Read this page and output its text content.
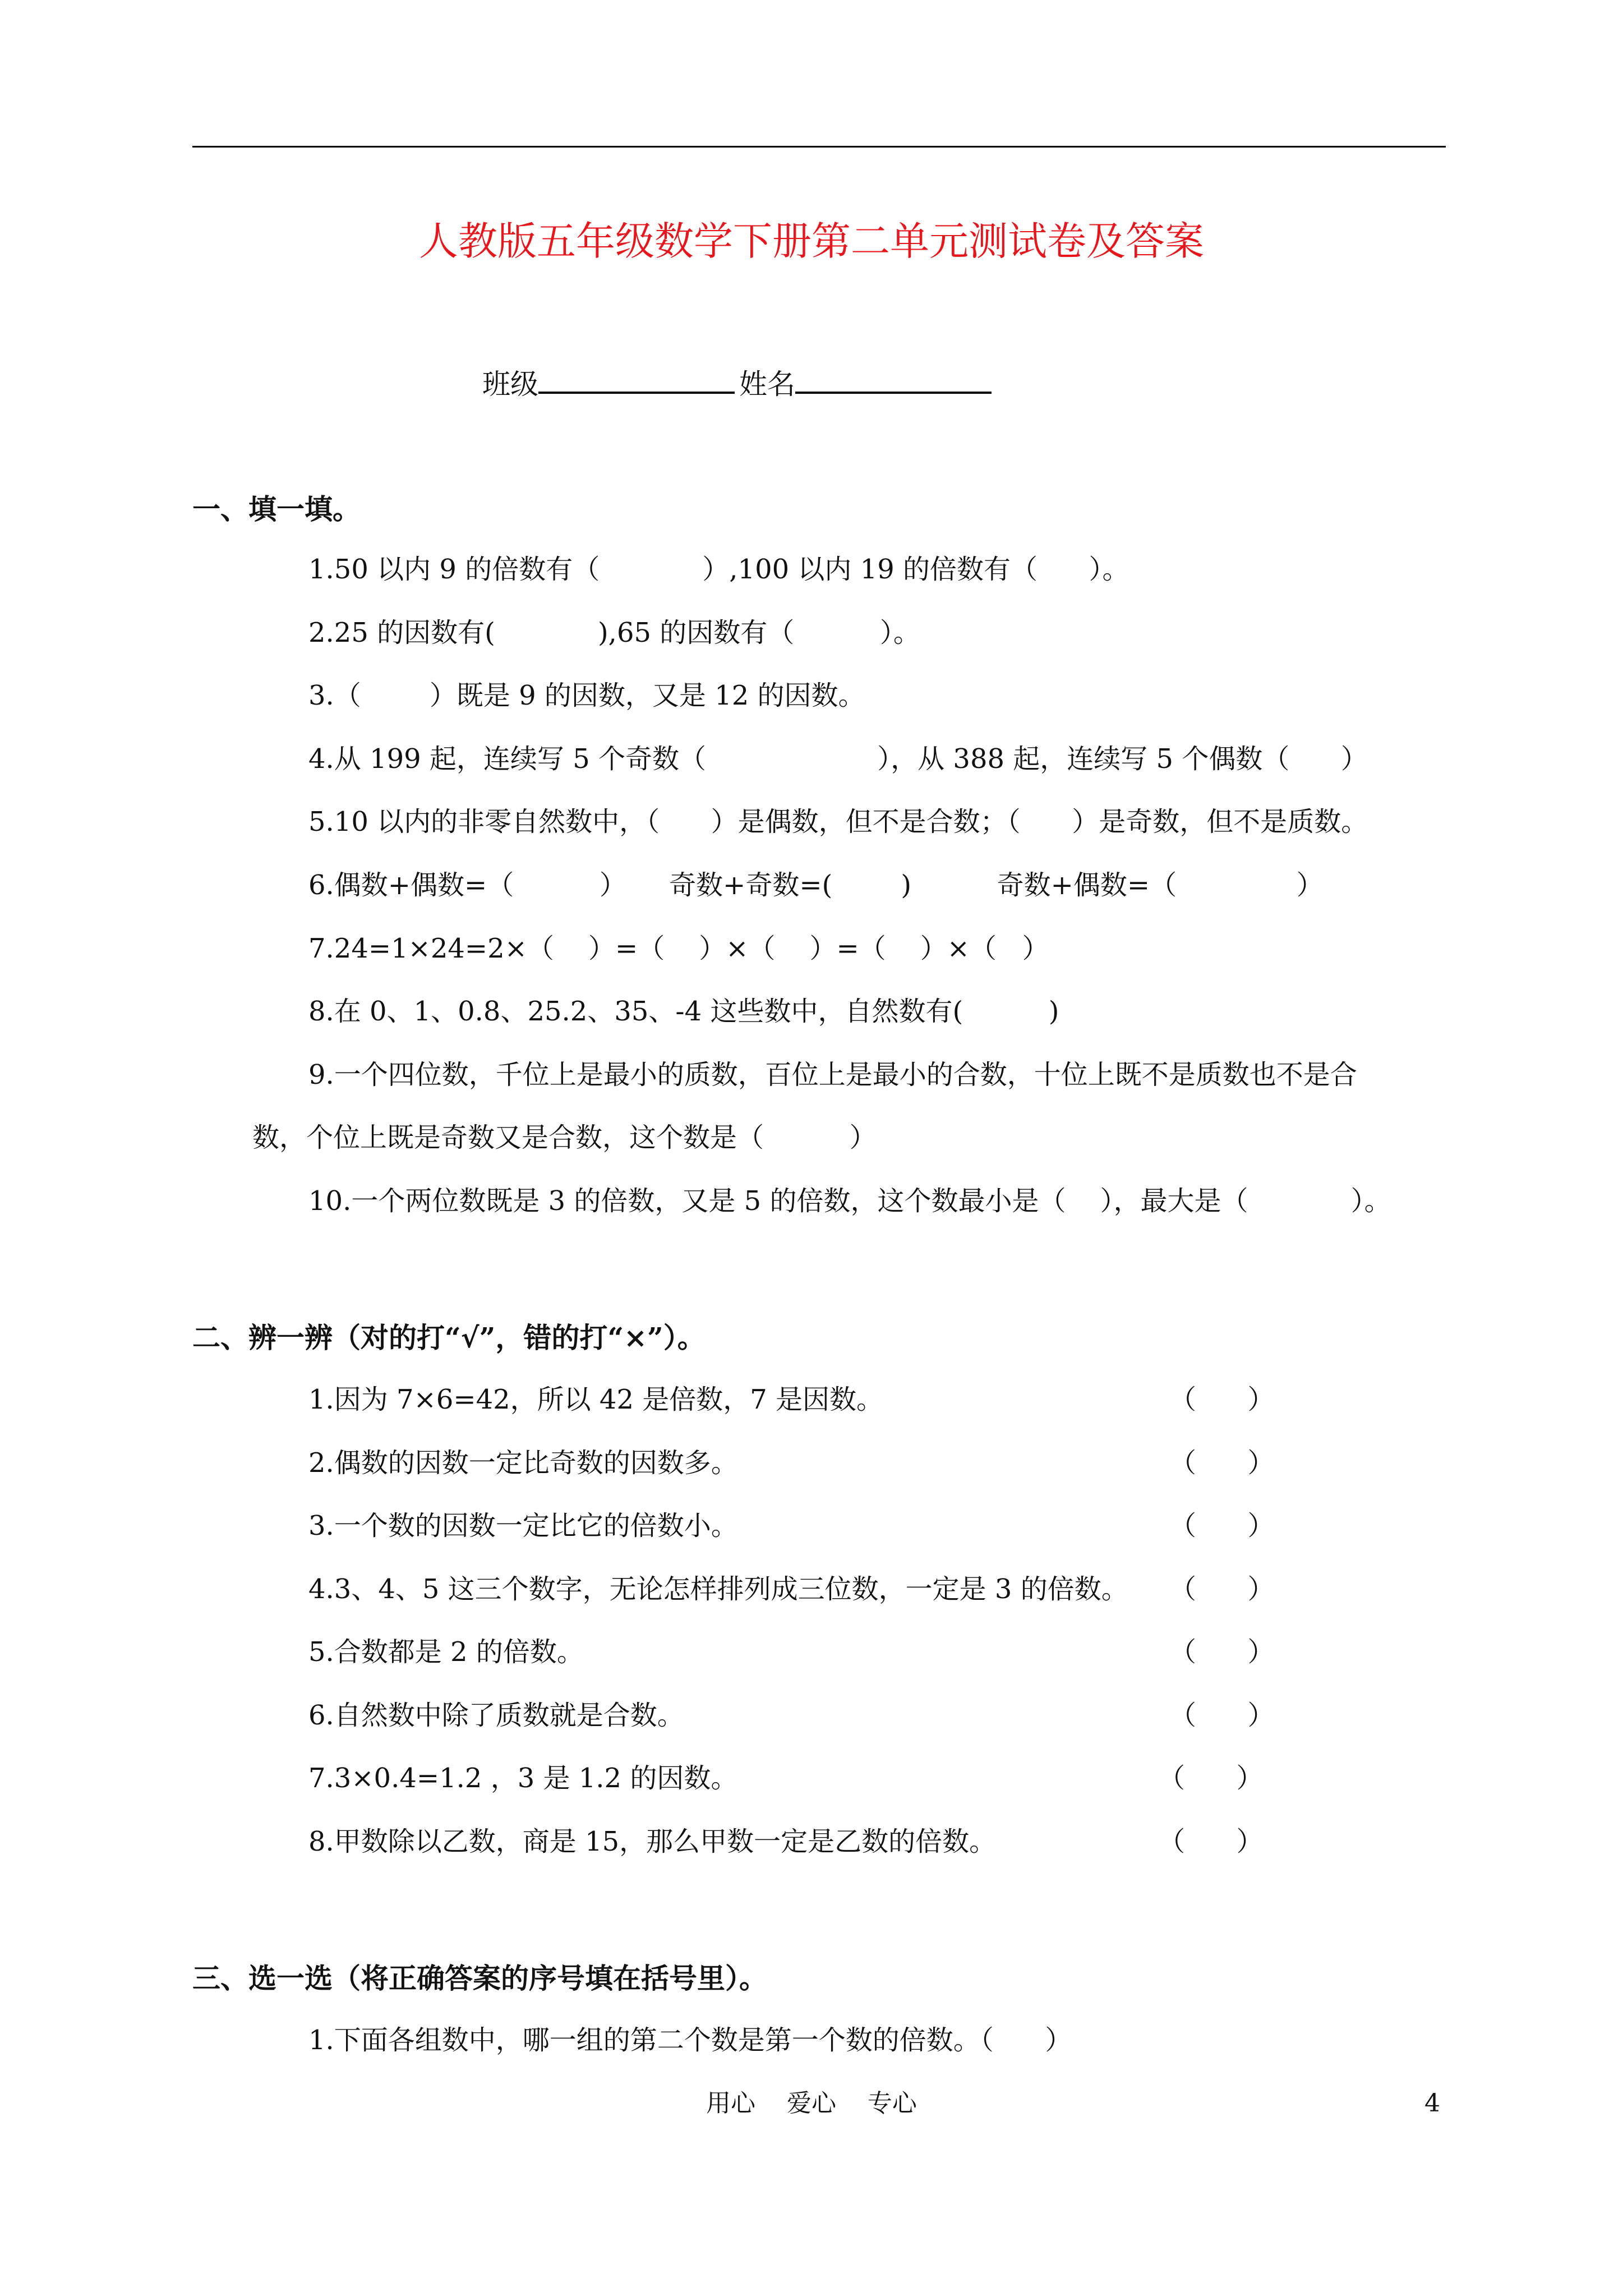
人教版五年级数学下册第二单元测试卷及答案
班级	姓名
一、填一填。
1.50 以内 9 的倍数有（            ）,100 以内 19 的倍数有（      ）。
2.25 的因数有(            ),65 的因数有（          ）。
3.（        ）既是 9 的因数，又是 12 的因数。
4.从 199 起，连续写 5 个奇数（                    ），从 388 起，连续写 5 个偶数（      ）
5.10 以内的非零自然数中，（      ）是偶数，但不是合数；（      ）是奇数，但不是质数。
6.偶数+偶数=（          ）     奇数+奇数=(        )          奇数+偶数=（              ）
7.24=1×24=2×（    ）=（    ）×（    ）=（    ）×（   ）
8.在 0、1、0.8、25.2、35、-4 这些数中，自然数有(          )
9.一个四位数，千位上是最小的质数，百位上是最小的合数，十位上既不是质数也不是合
数，个位上既是奇数又是合数，这个数是（          ）
10.一个两位数既是 3 的倍数，又是 5 的倍数，这个数最小是（    ），最大是（            ）。
二、辨一辨（对的打“√”，错的打“×”）。
1.因为 7×6=42，所以 42 是倍数，7 是因数。	（      ）
2.偶数的因数一定比奇数的因数多。	（      ）
3.一个数的因数一定比它的倍数小。	（      ）
4.3、4、5 这三个数字，无论怎样排列成三位数，一定是 3 的倍数。 （      ）
5.合数都是 2 的倍数。	（      ）
6.自然数中除了质数就是合数。	（      ）
7.3×0.4=1.2 ，3 是 1.2 的因数。	（      ）
8.甲数除以乙数，商是 15，那么甲数一定是乙数的倍数。	（      ）
三、选一选（将正确答案的序号填在括号里）。
1.下面各组数中，哪一组的第二个数是第一个数的倍数。（      ）
用心    爱心    专心	4
